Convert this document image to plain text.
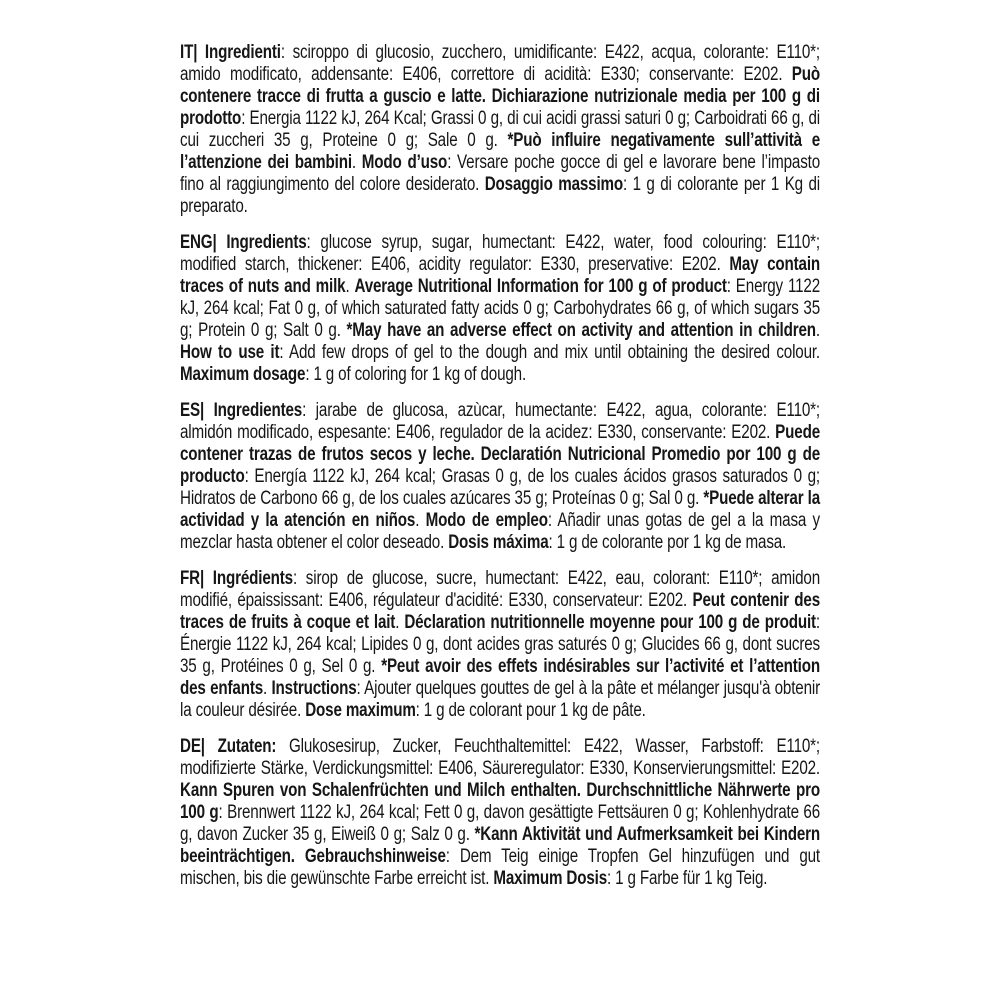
IT| Ingredienti: sciroppo di glucosio, zucchero, umidificante: E422, acqua, colorante: E110*; amido modificato, addensante: E406, correttore di acidità: E330; conservante: E202. Può contenere tracce di frutta a guscio e latte. Dichiarazione nutrizionale media per 100 g di prodotto: Energia 1122 kJ, 264 Kcal; Grassi 0 g, di cui acidi grassi saturi 0 g; Carboidrati 66 g, di cui zuccheri 35 g, Proteine 0 g; Sale 0 g. *Può influire negativamente sull’attività e l’attenzione dei bambini. Modo d’uso: Versare poche gocce di gel e lavorare bene l’impasto fino al raggiungimento del colore desiderato. Dosaggio massimo: 1 g di colorante per 1 Kg di preparato.

ENG| Ingredients: glucose syrup, sugar, humectant: E422, water, food colouring: E110*; modified starch, thickener: E406, acidity regulator: E330, preservative: E202. May contain traces of nuts and milk. Average Nutritional Information for 100 g of product: Energy 1122 kJ, 264 kcal; Fat 0 g, of which saturated fatty acids 0 g; Carbohydrates 66 g, of which sugars 35 g; Protein 0 g; Salt 0 g. *May have an adverse effect on activity and attention in children. How to use it: Add few drops of gel to the dough and mix until obtaining the desired colour. Maximum dosage: 1 g of coloring for 1 kg of dough.

ES| Ingredientes: jarabe de glucosa, azùcar, humectante: E422, agua, colorante: E110*; almidón modificado, espesante: E406, regulador de la acidez: E330, conservante: E202. Puede contener trazas de frutos secos y leche. Declaratión Nutricional Promedio por 100 g de producto: Energía 1122 kJ, 264 kcal; Grasas 0 g, de los cuales ácidos grasos saturados 0 g; Hidratos de Carbono 66 g, de los cuales azúcares 35 g; Proteínas 0 g; Sal 0 g. *Puede alterar la actividad y la atención en niños. Modo de empleo: Añadir unas gotas de gel a la masa y mezclar hasta obtener el color deseado. Dosis máxima: 1 g de colorante por 1 kg de masa.

FR| Ingrédients: sirop de glucose, sucre, humectant: E422, eau, colorant: E110*; amidon modifié, épaississant: E406, régulateur d'acidité: E330, conservateur: E202. Peut contenir des traces de fruits à coque et lait. Déclaration nutritionnelle moyenne pour 100 g de produit: Énergie 1122 kJ, 264 kcal; Lipides 0 g, dont acides gras saturés 0 g; Glucides 66 g, dont sucres 35 g, Protéines 0 g, Sel 0 g. *Peut avoir des effets indésirables sur l’activité et l’attention des enfants. Instructions: Ajouter quelques gouttes de gel à la pâte et mélanger jusqu'à obtenir la couleur désirée. Dose maximum: 1 g de colorant pour 1 kg de pâte.

DE| Zutaten: Glukosesirup, Zucker, Feuchthaltemittel: E422, Wasser, Farbstoff: E110*; modifizierte Stärke, Verdickungsmittel: E406, Säureregulator: E330, Konservierungsmittel: E202. Kann Spuren von Schalenfrüchten und Milch enthalten. Durchschnittliche Nährwerte pro 100 g: Brennwert 1122 kJ, 264 kcal; Fett 0 g, davon gesättigte Fettsäuren 0 g; Kohlenhydrate 66 g, davon Zucker 35 g, Eiweiß 0 g; Salz 0 g. *Kann Aktivität und Aufmerksamkeit bei Kindern beeinträchtigen. Gebrauchshinweise: Dem Teig einige Tropfen Gel hinzufügen und gut mischen, bis die gewünschte Farbe erreicht ist. Maximum Dosis: 1 g Farbe für 1 kg Teig.
